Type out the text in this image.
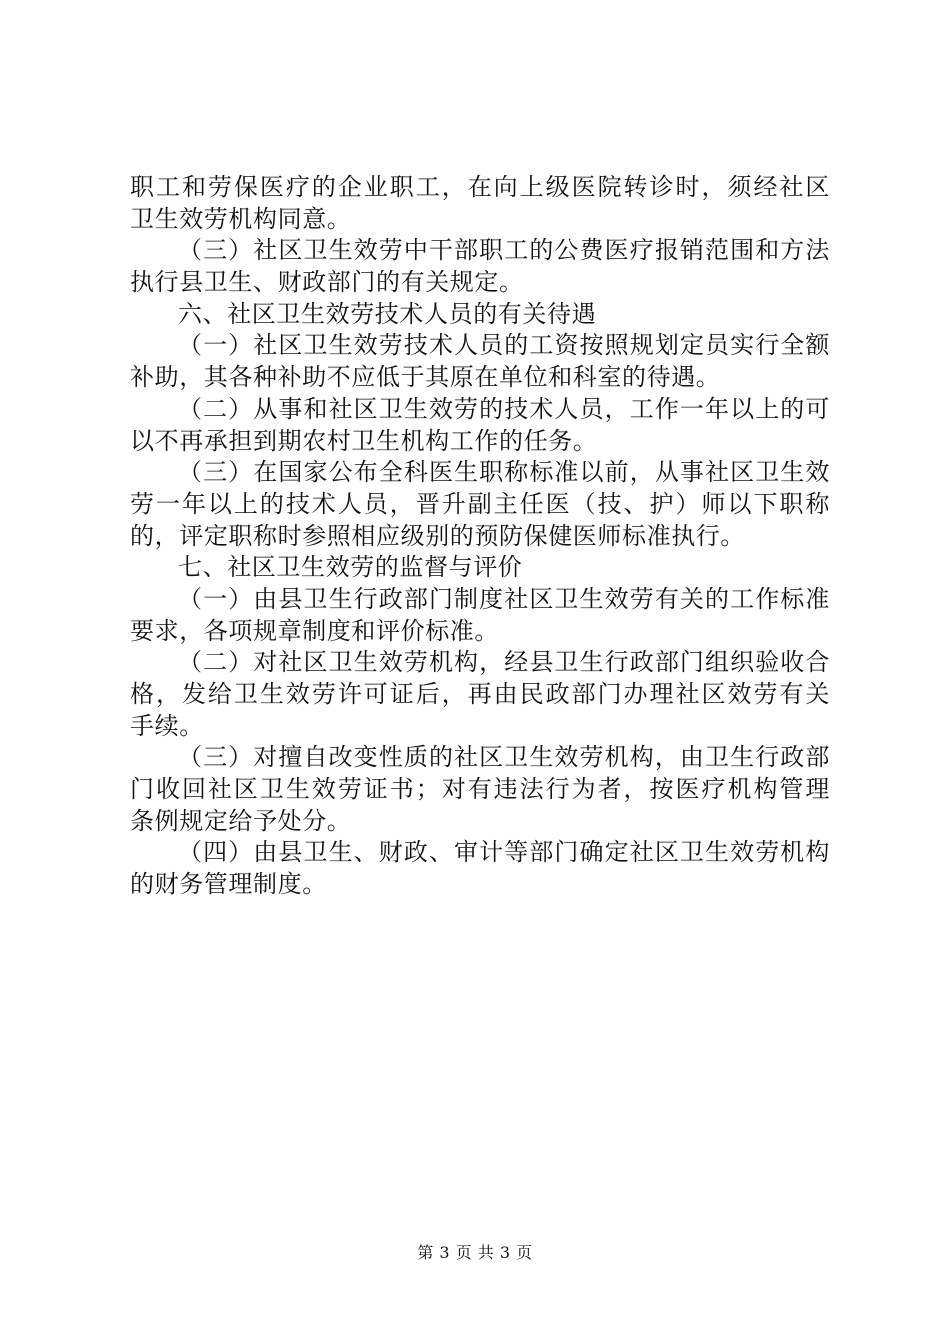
职工和劳保医疗的企业职工，在向上级医院转诊时，须经社区
卫生效劳机构同意。
（三）社区卫生效劳中干部职工的公费医疗报销范围和方法
执行县卫生、财政部门的有关规定。
六、社区卫生效劳技术人员的有关待遇
（一）社区卫生效劳技术人员的工资按照规划定员实行全额
补助，其各种补助不应低于其原在单位和科室的待遇。
（二）从事和社区卫生效劳的技术人员，工作一年以上的可
以不再承担到期农村卫生机构工作的任务。
（三）在国家公布全科医生职称标准以前，从事社区卫生效
劳一年以上的技术人员，晋升副主任医（技、护）师以下职称
的，评定职称时参照相应级别的预防保健医师标准执行。
七、社区卫生效劳的监督与评价
（一）由县卫生行政部门制度社区卫生效劳有关的工作标准
要求，各项规章制度和评价标准。
（二）对社区卫生效劳机构，经县卫生行政部门组织验收合
格，发给卫生效劳许可证后，再由民政部门办理社区效劳有关
手续。
（三）对擅自改变性质的社区卫生效劳机构，由卫生行政部
门收回社区卫生效劳证书；对有违法行为者，按医疗机构管理
条例规定给予处分。
（四）由县卫生、财政、审计等部门确定社区卫生效劳机构
的财务管理制度。
第 3 页 共 3 页
